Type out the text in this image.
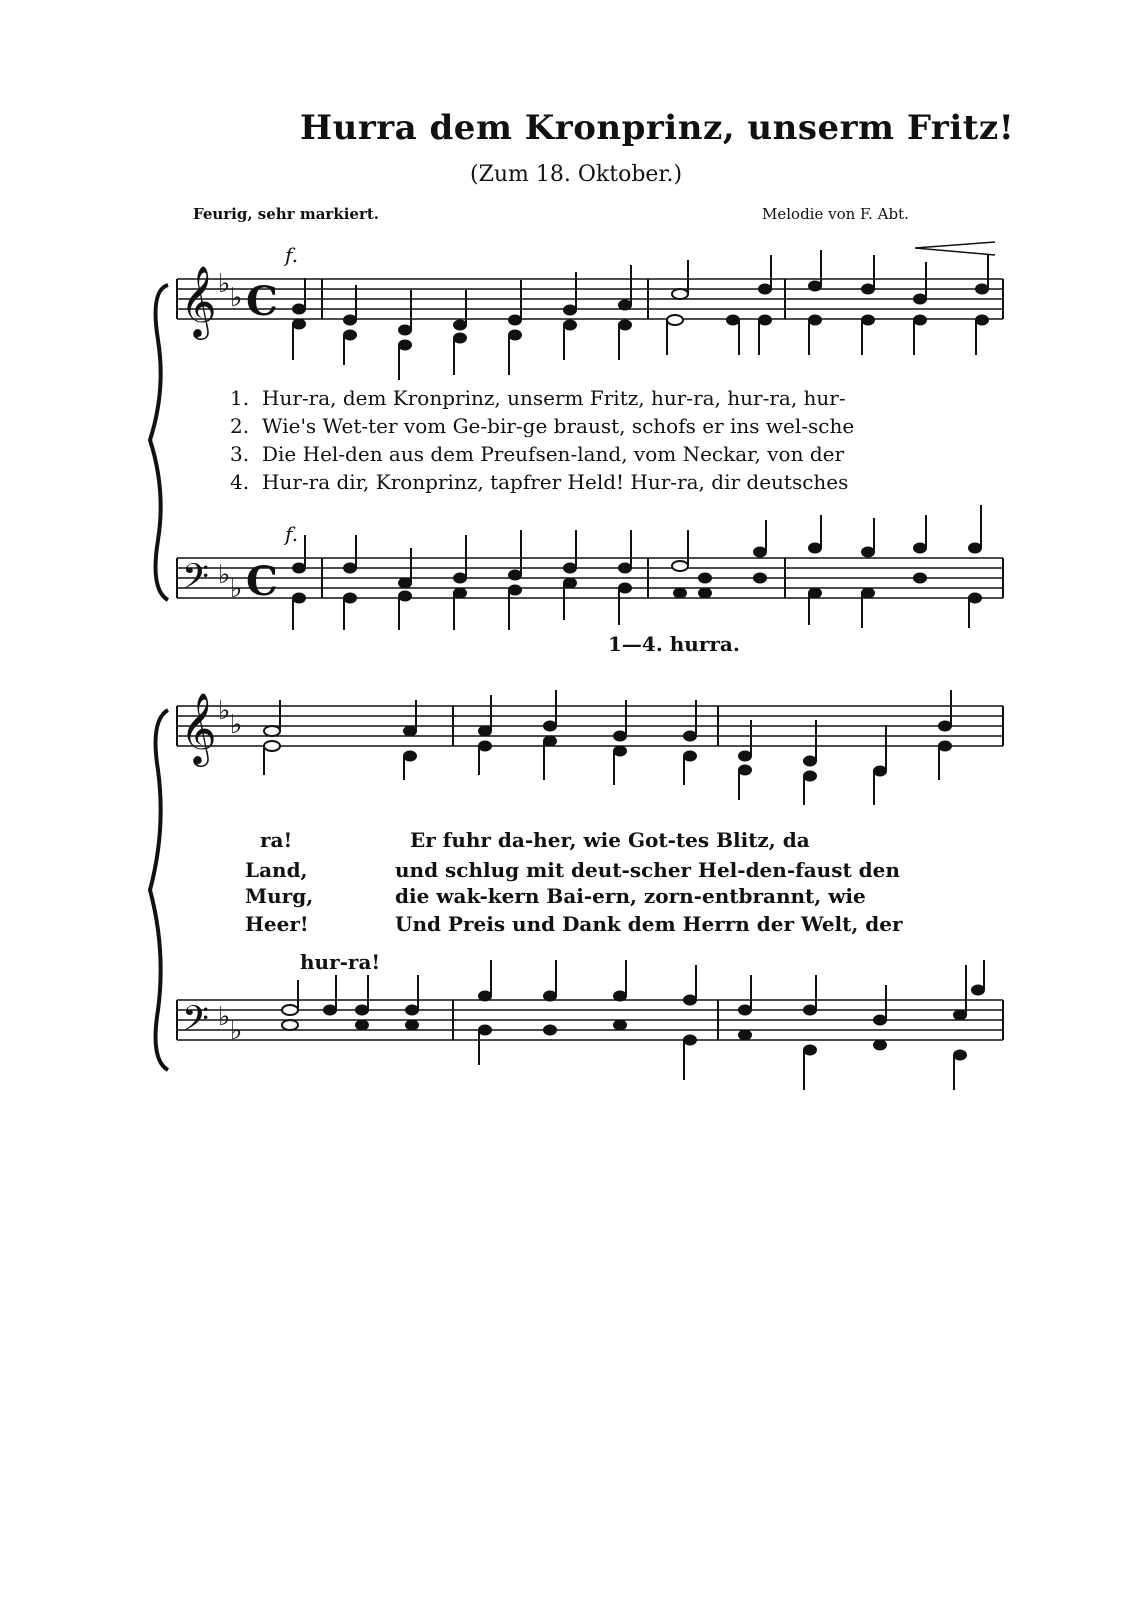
Hurra dem Kronprinz, unserm Fritz!
(Zum 18. Oktober.)
Feurig, sehr markiert.	Melodie von F. Abt.
𝄞
𝄢
♭ ♭
♭ ♭
C
C
f.
f.
𝄞
𝄢
♭ ♭
♭ ♭
1. Hur-ra, dem Kronprinz, unserm Fritz, hur-ra, hur-ra, hur-
2. Wie's Wet-ter vom Ge-bir-ge braust, schofs er ins wel-sche
3. Die Hel-den aus dem Preufsen-land, vom Neckar, von der
4. Hur-ra dir, Kronprinz, tapfrer Held! Hur-ra, dir deutsches
1—4. hurra.
ra!	Er fuhr da-her, wie Got-tes Blitz, da
Land,	und schlug mit deut-scher Hel-den-faust den
Murg,	die wak-kern Bai-ern, zorn-entbrannt, wie
Heer!	Und Preis und Dank dem Herrn der Welt, der
hur-ra!
